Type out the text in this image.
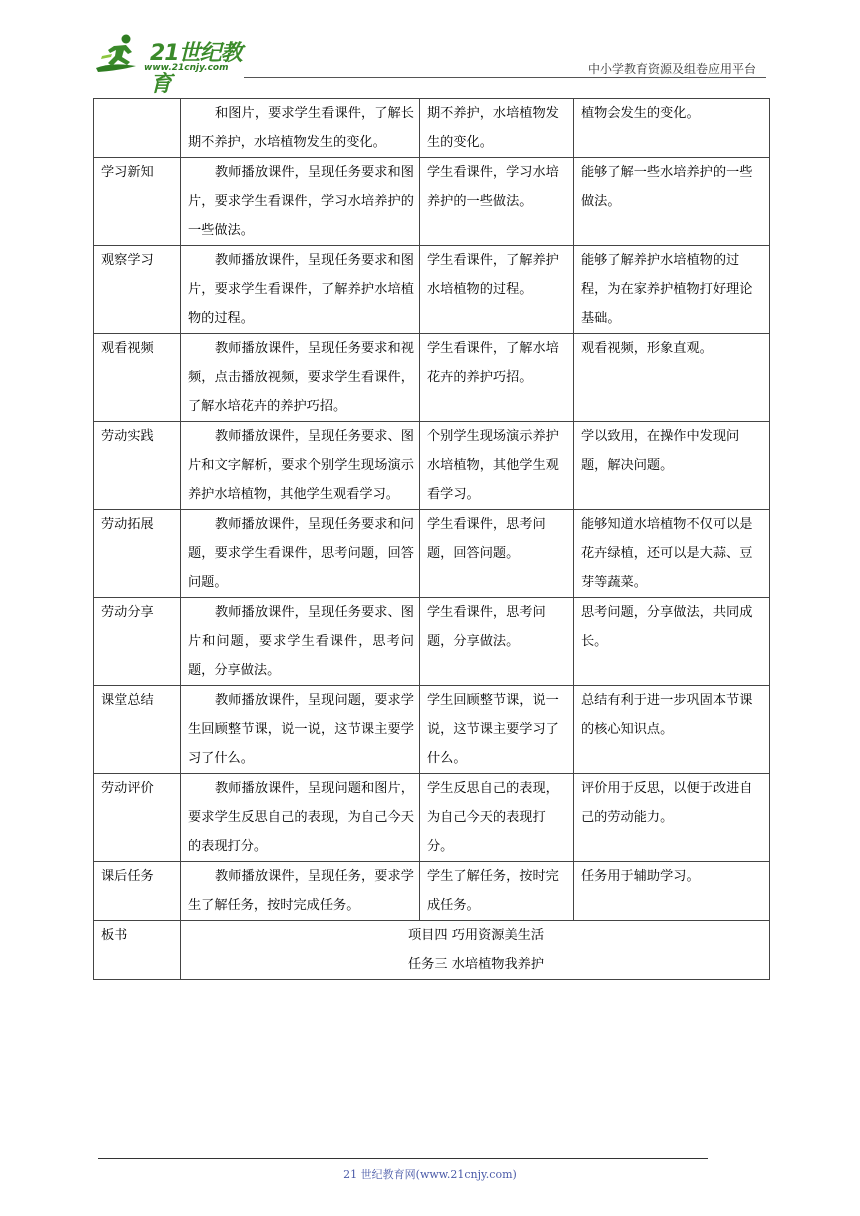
21世纪教育
www.21cnjy.com	中小学教育资源及组卷应用平台
	和图片，要求学生看课件，了解长期不养护，水培植物发生的变化。	期不养护，水培植物发生的变化。	植物会发生的变化。
学习新知	教师播放课件，呈现任务要求和图片，要求学生看课件，学习水培养护的一些做法。	学生看课件，学习水培养护的一些做法。	能够了解一些水培养护的一些做法。
观察学习	教师播放课件，呈现任务要求和图片，要求学生看课件，了解养护水培植物的过程。	学生看课件，了解养护水培植物的过程。	能够了解养护水培植物的过程，为在家养护植物打好理论基础。
观看视频	教师播放课件，呈现任务要求和视频，点击播放视频，要求学生看课件，了解水培花卉的养护巧招。	学生看课件，了解水培花卉的养护巧招。	观看视频，形象直观。
劳动实践	教师播放课件，呈现任务要求、图片和文字解析，要求个别学生现场演示养护水培植物，其他学生观看学习。	个别学生现场演示养护水培植物，其他学生观看学习。	学以致用，在操作中发现问题，解决问题。
劳动拓展	教师播放课件，呈现任务要求和问题，要求学生看课件，思考问题，回答问题。	学生看课件，思考问题，回答问题。	能够知道水培植物不仅可以是花卉绿植，还可以是大蒜、豆芽等蔬菜。
劳动分享	教师播放课件，呈现任务要求、图片和问题，要求学生看课件，思考问题，分享做法。	学生看课件，思考问题，分享做法。	思考问题，分享做法，共同成长。
课堂总结	教师播放课件，呈现问题，要求学生回顾整节课，说一说，这节课主要学习了什么。	学生回顾整节课，说一说，这节课主要学习了什么。	总结有利于进一步巩固本节课的核心知识点。
劳动评价	教师播放课件，呈现问题和图片，要求学生反思自己的表现，为自己今天的表现打分。	学生反思自己的表现，为自己今天的表现打分。	评价用于反思，以便于改进自己的劳动能力。
课后任务	教师播放课件，呈现任务，要求学生了解任务，按时完成任务。	学生了解任务，按时完成任务。	任务用于辅助学习。
板书	项目四 巧用资源美生活
任务三 水培植物我养护		
21 世纪教育网(www.21cnjy.com)
